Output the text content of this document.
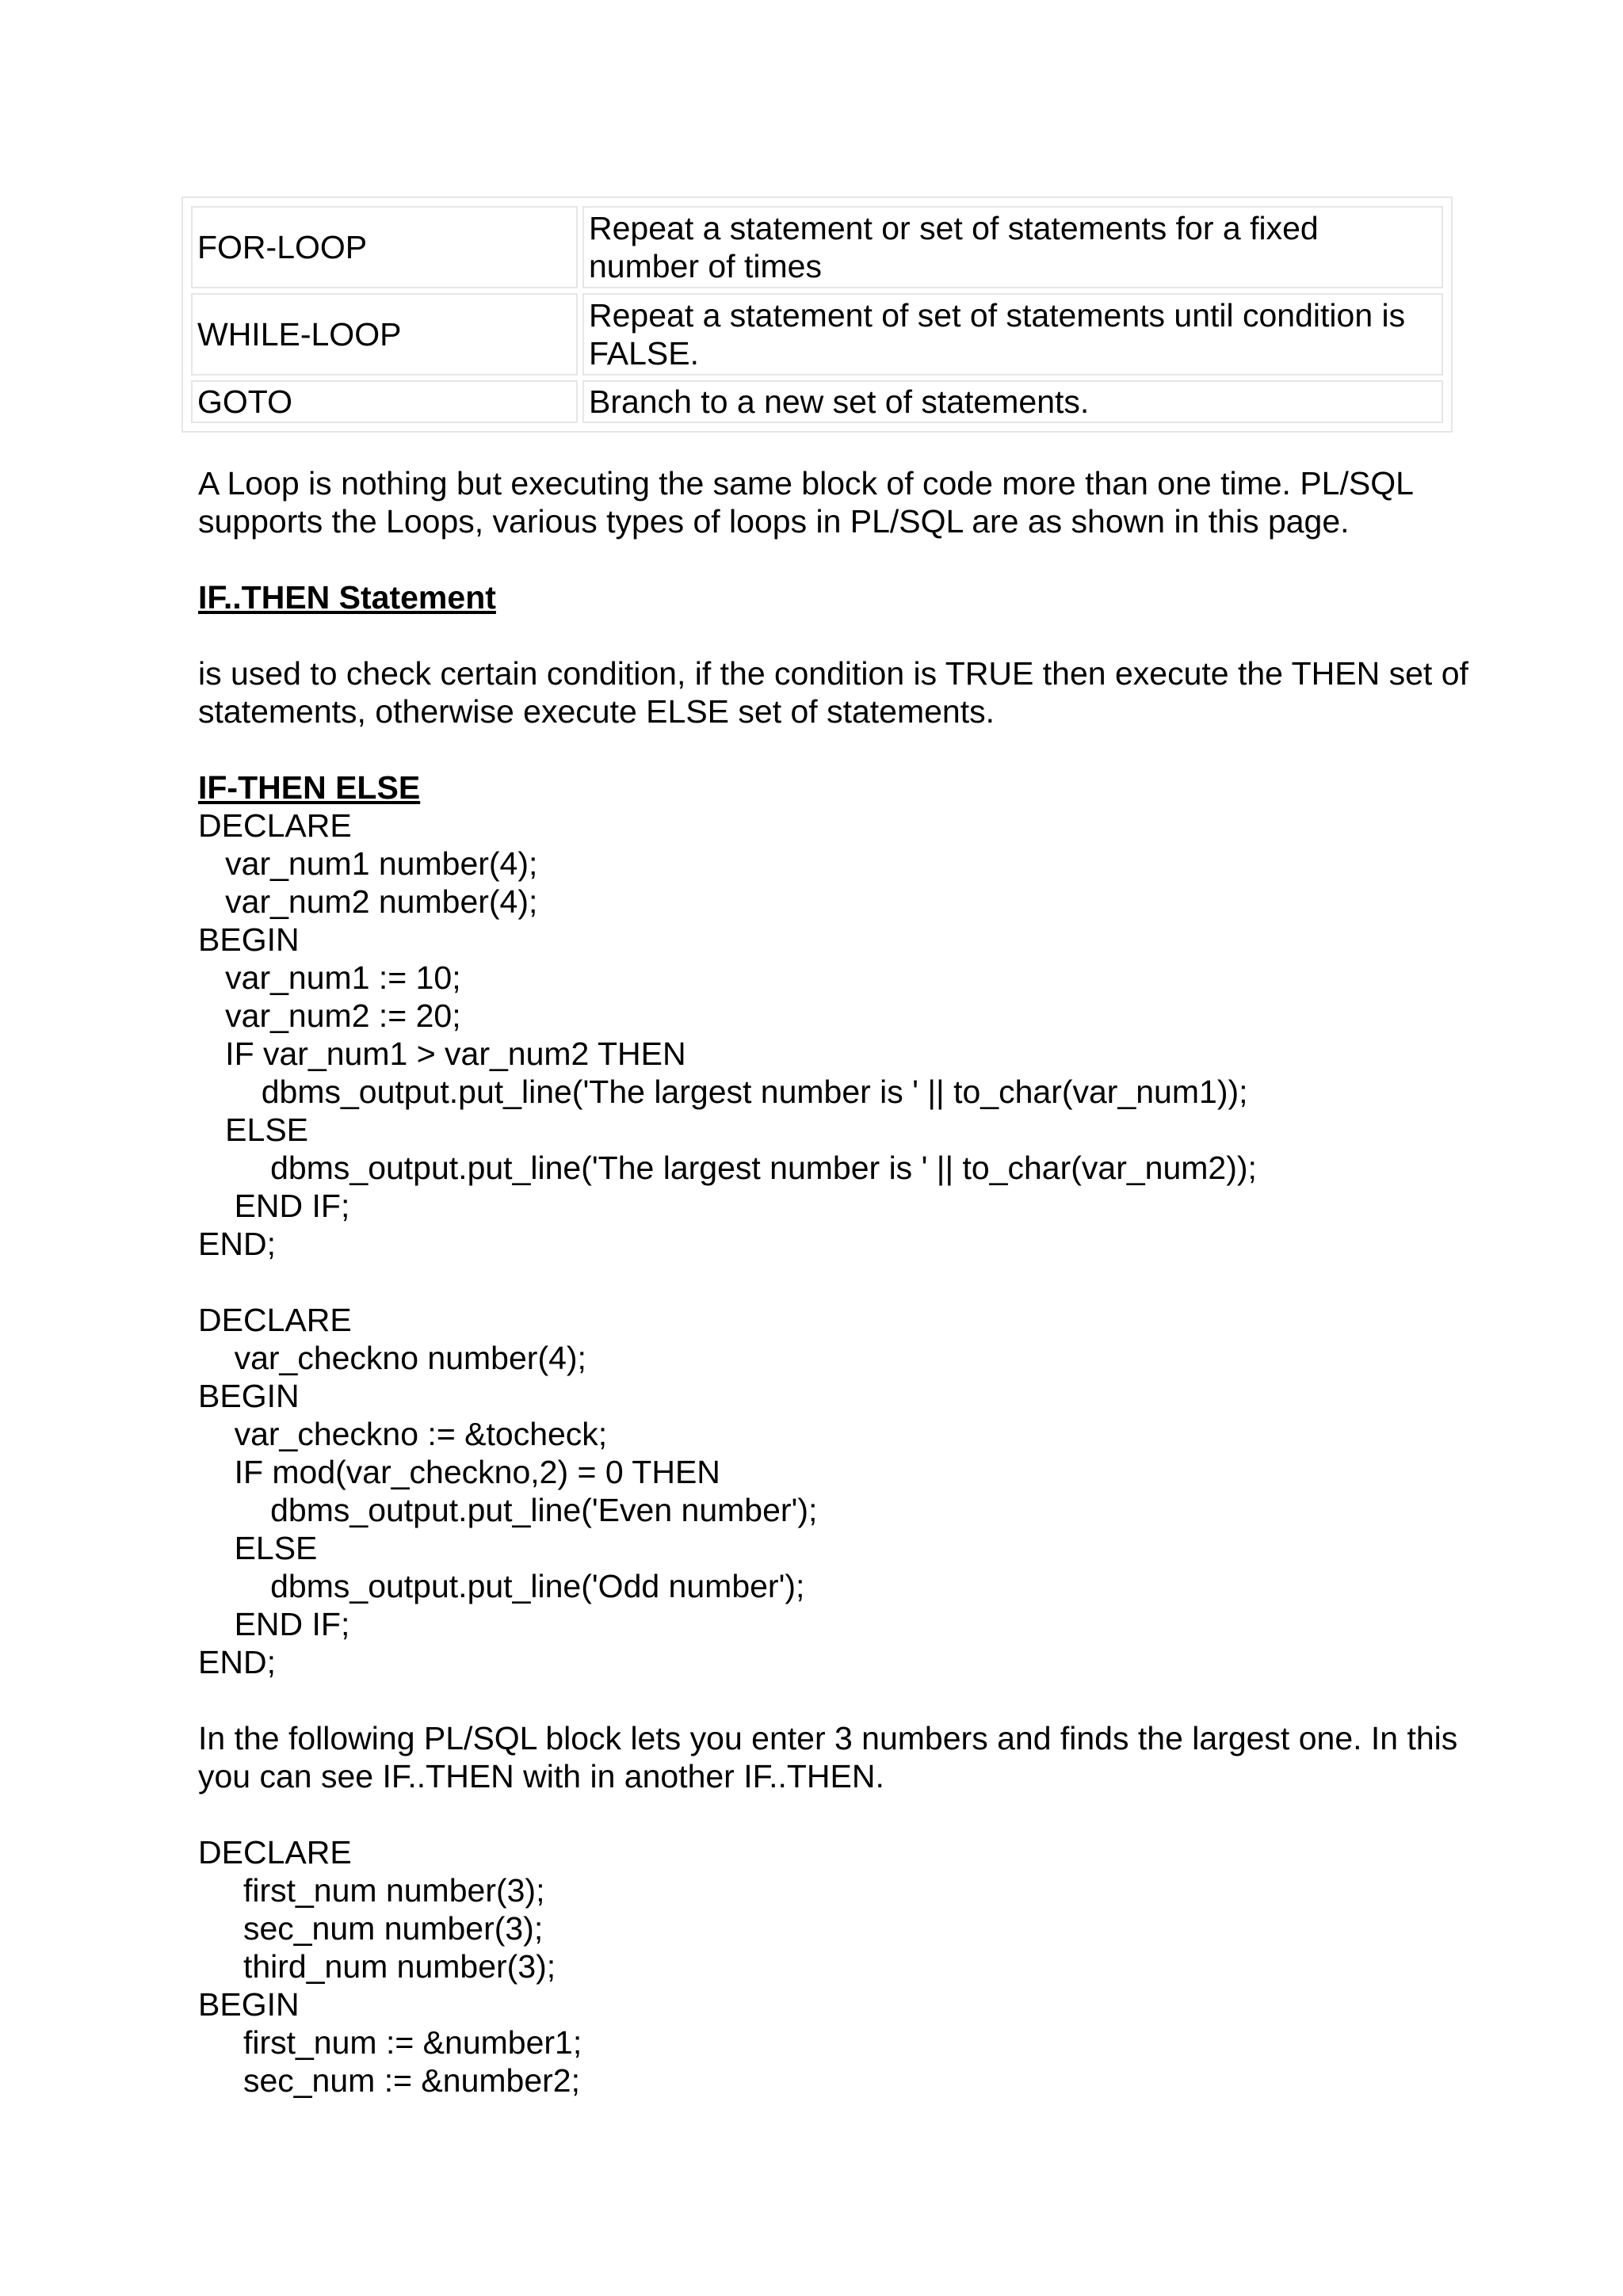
FOR-LOOP	Repeat a statement or set of statements for a fixed number of times
WHILE-LOOP	Repeat a statement of set of statements until condition is FALSE.
GOTO	Branch to a new set of statements.

A Loop is nothing but executing the same block of code more than one time. PL/SQL supports the Loops, various types of loops in PL/SQL are as shown in this page.

IF..THEN Statement

is used to check certain condition, if the condition is TRUE then execute the THEN set of statements, otherwise execute ELSE set of statements.

IF-THEN ELSE

DECLARE

var_num1 number(4);

var_num2 number(4);

BEGIN

var_num1 := 10;

var_num2 := 20;

IF var_num1 > var_num2 THEN

dbms_output.put_line('The largest number is ' || to_char(var_num1));

ELSE

dbms_output.put_line('The largest number is ' || to_char(var_num2));

END IF;

END;

DECLARE

var_checkno number(4);

BEGIN

var_checkno := &tocheck;

IF mod(var_checkno,2) = 0 THEN

dbms_output.put_line('Even number');

ELSE

dbms_output.put_line('Odd number');

END IF;

END;

In the following PL/SQL block lets you enter 3 numbers and finds the largest one. In this you can see IF..THEN with in another IF..THEN.

DECLARE

first_num number(3);

sec_num number(3);

third_num number(3);

BEGIN

first_num := &number1;

sec_num := &number2;
